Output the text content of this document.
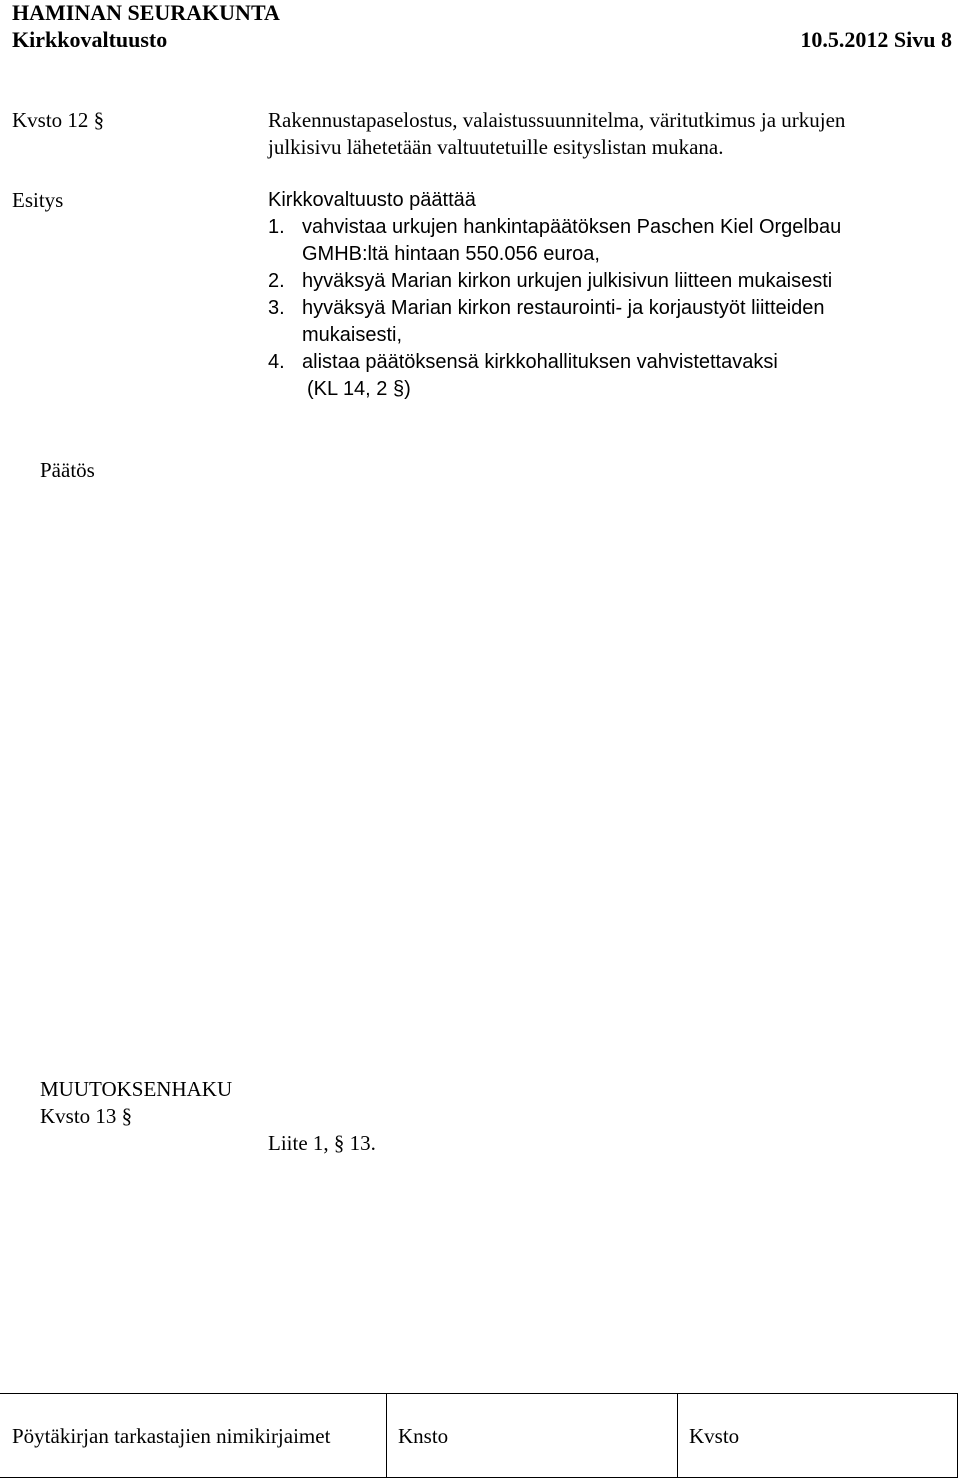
HAMINAN SEURAKUNTA
Kirkkovaltuusto	10.5.2012 Sivu 8
Kvsto 12 §	Rakennustapaselostus, valaistussuunnitelma, väritutkimus ja urkujen
julkisivu lähetetään valtuutetuille esityslistan mukana.
Esitys	Kirkkovaltuusto päättää
1. vahvistaa urkujen hankintapäätöksen Paschen Kiel Orgelbau
GMHB:ltä hintaan 550.056 euroa,
2. hyväksyä Marian kirkon urkujen julkisivun liitteen mukaisesti
3. hyväksyä Marian kirkon restaurointi- ja korjaustyöt liitteiden
mukaisesti,
4. alistaa päätöksensä kirkkohallituksen vahvistettavaksi
(KL 14, 2 §)
Päätös
MUUTOKSENHAKU
Kvsto 13 §
Liite 1, § 13.
Pöytäkirjan tarkastajien nimikirjaimet	Knsto	Kvsto
